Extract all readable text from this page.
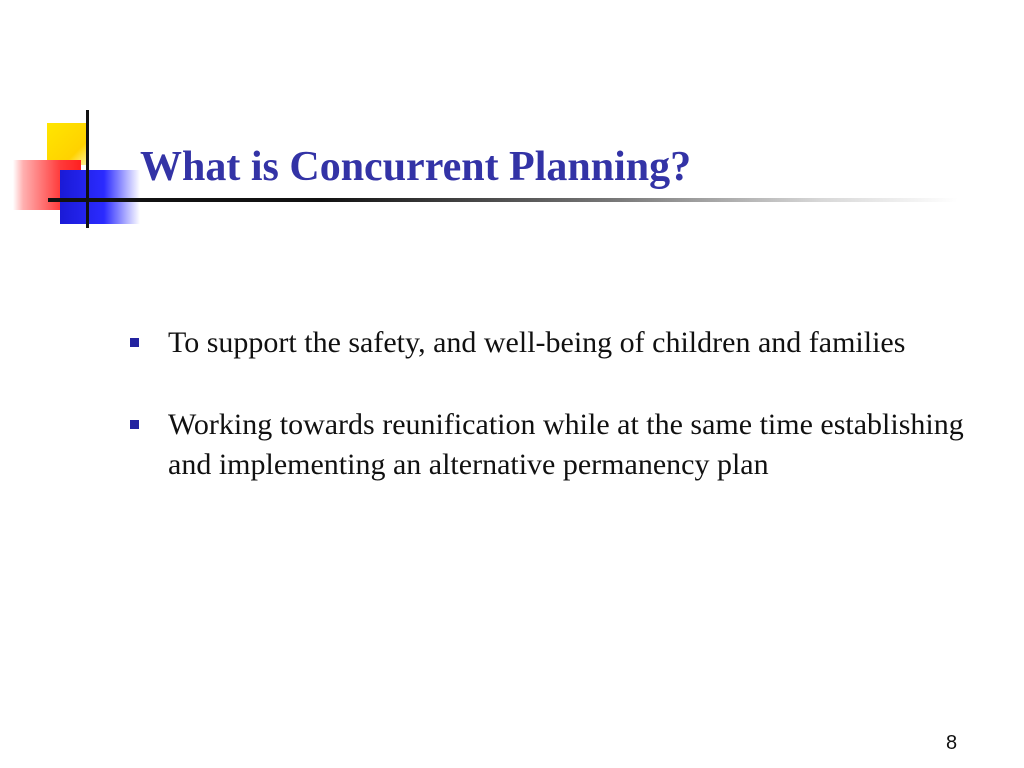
What is Concurrent Planning?
To support the safety, and well-being of children and families
Working towards reunification while at the same time establishing and implementing an alternative permanency plan
8
